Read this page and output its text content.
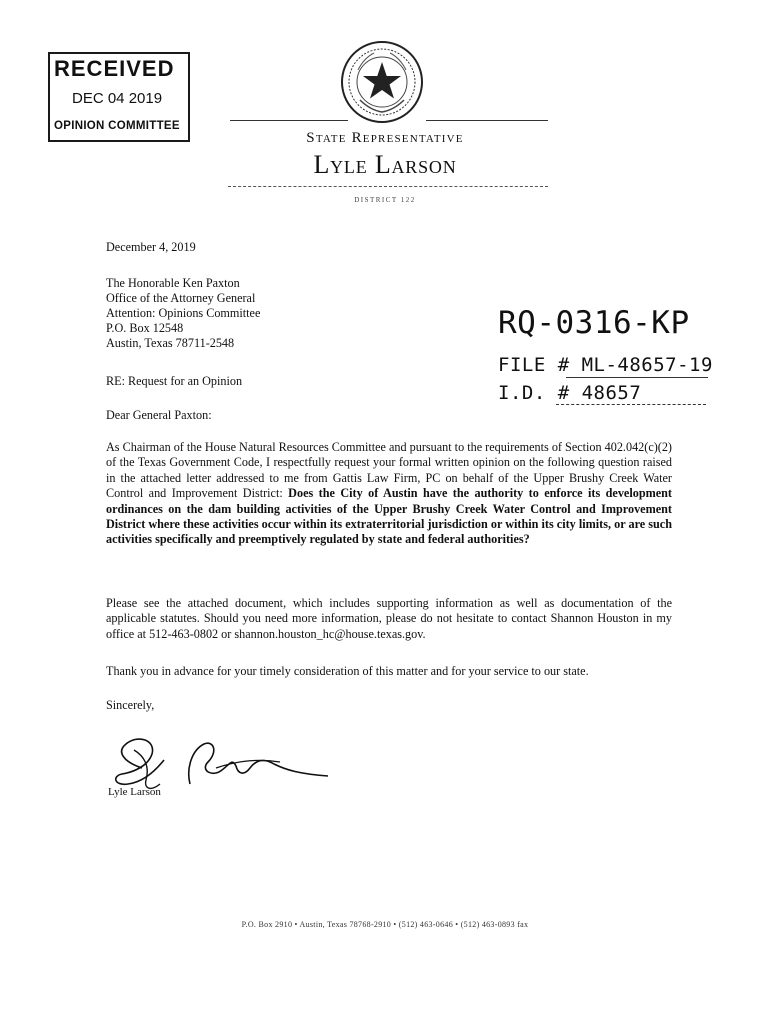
RECEIVED
DEC 04 2019
OPINION COMMITTEE
State Representative
Lyle Larson
DISTRICT 122
December 4, 2019
The Honorable Ken Paxton
Office of the Attorney General
Attention: Opinions Committee
P.O. Box 12548
Austin, Texas 78711-2548
RE: Request for an Opinion
Dear General Paxton:
RQ-0316-KP
FILE # ML-48657-19
I.D. # 48657
As Chairman of the House Natural Resources Committee and pursuant to the requirements of Section 402.042(c)(2) of the Texas Government Code, I respectfully request your formal written opinion on the following question raised in the attached letter addressed to me from Gattis Law Firm, PC on behalf of the Upper Brushy Creek Water Control and Improvement District: Does the City of Austin have the authority to enforce its development ordinances on the dam building activities of the Upper Brushy Creek Water Control and Improvement District where these activities occur within its extraterritorial jurisdiction or within its city limits, or are such activities specifically and preemptively regulated by state and federal authorities?
Please see the attached document, which includes supporting information as well as documentation of the applicable statutes. Should you need more information, please do not hesitate to contact Shannon Houston in my office at 512-463-0802 or shannon.houston_hc@house.texas.gov.
Thank you in advance for your timely consideration of this matter and for your service to our state.
Sincerely,
Lyle Larson
P.O. Box 2910 • Austin, Texas 78768-2910 • (512) 463-0646 • (512) 463-0893 fax
